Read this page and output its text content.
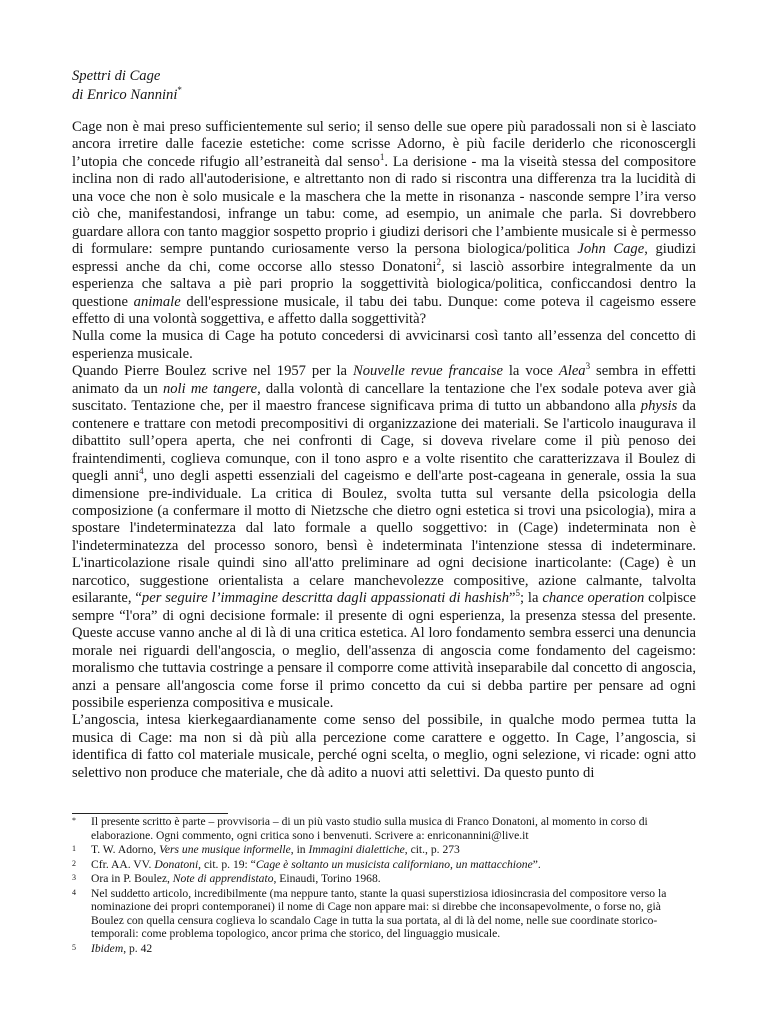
Spettri di Cage
di Enrico Nannini*

Cage non è mai preso sufficientemente sul serio; il senso delle sue opere più paradossali non si è lasciato ancora irretire dalle facezie estetiche: come scrisse Adorno, è più facile deriderlo che riconoscergli l’utopia che concede rifugio all’estraneità dal senso$^1$. La derisione - ma la viseità stessa del compositore inclina non di rado all'autoderisione, e altrettanto non di rado si riscontra una differenza tra la lucidità di una voce che non è solo musicale e la maschera che la mette in risonanza - nasconde sempre l’ira verso ciò che, manifestandosi, infrange un tabu: come, ad esempio, un animale che parla. Si dovrebbero guardare allora con tanto maggior sospetto proprio i giudizi derisori che l’ambiente musicale si è permesso di formulare: sempre puntando curiosamente verso la persona biologica/politica John Cage, giudizi espressi anche da chi, come occorse allo stesso Donatoni$^2$, si lasciò assorbire integralmente da un esperienza che saltava a piè pari proprio la soggettività biologica/politica, conficcandosi dentro la questione animale dell'espressione musicale, il tabu dei tabu. Dunque: come poteva il cageismo essere effetto di una volontà soggettiva, e affetto dalla soggettività?

Nulla come la musica di Cage ha potuto concedersi di avvicinarsi così tanto all’essenza del concetto di esperienza musicale.

Quando Pierre Boulez scrive nel 1957 per la Nouvelle revue francaise la voce Alea$^3$ sembra in effetti animato da un noli me tangere, dalla volontà di cancellare la tentazione che l'ex sodale poteva aver già suscitato. Tentazione che, per il maestro francese significava prima di tutto un abbandono alla physis da contenere e trattare con metodi precompositivi di organizzazione dei materiali. Se l'articolo inaugurava il dibattito sull’opera aperta, che nei confronti di Cage, si doveva rivelare come il più penoso dei fraintendimenti, coglieva comunque, con il tono aspro e a volte risentito che caratterizzava il Boulez di quegli anni$^4$, uno degli aspetti essenziali del cageismo e dell'arte post-cageana in generale, ossia la sua dimensione pre-individuale. La critica di Boulez, svolta tutta sul versante della psicologia della composizione (a confermare il motto di Nietzsche che dietro ogni estetica si trovi una psicologia), mira a spostare l'indeterminatezza dal lato formale a quello soggettivo: in (Cage) indeterminata non è l'indeterminatezza del processo sonoro, bensì è indeterminata l'intenzione stessa di indeterminare. L'inarticolazione risale quindi sino all'atto preliminare ad ogni decisione inarticolante: (Cage) è un narcotico, suggestione orientalista a celare manchevolezze compositive, azione calmante, talvolta esilarante, “per seguire l’immagine descritta dagli appassionati di hashish”$^5$; la chance operation colpisce sempre “l'ora” di ogni decisione formale: il presente di ogni esperienza, la presenza stessa del presente. Queste accuse vanno anche al di là di una critica estetica. Al loro fondamento sembra esserci una denuncia morale nei riguardi dell'angoscia, o meglio, dell'assenza di angoscia come fondamento del cageismo: moralismo che tuttavia costringe a pensare il comporre come attività inseparabile dal concetto di angoscia, anzi a pensare all'angoscia come forse il primo concetto da cui si debba partire per pensare ad ogni possibile esperienza compositiva e musicale.

L’angoscia, intesa kierkegaardianamente come senso del possibile, in qualche modo permea tutta la musica di Cage: ma non si dà più alla percezione come carattere e oggetto. In Cage, l’angoscia, si identifica di fatto col materiale musicale, perché ogni scelta, o meglio, ogni selezione, vi ricade: ogni atto selettivo non produce che materiale, che dà adito a nuovi atti selettivi. Da questo punto di

*	Il presente scritto è parte – provvisoria – di un più vasto studio sulla musica di Franco Donatoni, al momento in corso di elaborazione. Ogni commento, ogni critica sono i benvenuti. Scrivere a: enriconannini@live.it
1	T. W. Adorno, Vers une musique informelle, in Immagini dialettiche, cit., p. 273
2	Cfr. AA. VV. Donatoni, cit. p. 19: “Cage è soltanto un musicista californiano, un mattacchione”.
3	Ora in P. Boulez, Note di apprendistato, Einaudi, Torino 1968.
4	Nel suddetto articolo, incredibilmente (ma neppure tanto, stante la quasi superstiziosa idiosincrasia del compositore verso la nominazione dei propri contemporanei) il nome di Cage non appare mai: si direbbe che inconsapevolmente, o forse no, già Boulez con quella censura coglieva lo scandalo Cage in tutta la sua portata, al di là del nome, nelle sue coordinate storico-temporali: come problema topologico, ancor prima che storico, del linguaggio musicale.
5	Ibidem, p. 42
